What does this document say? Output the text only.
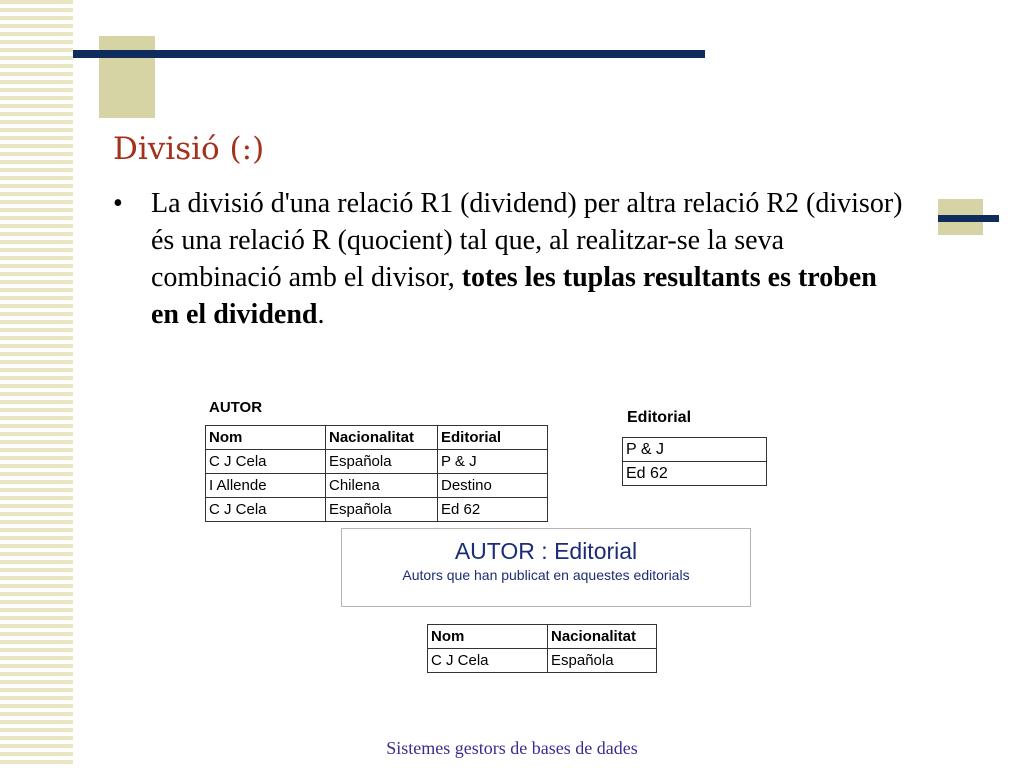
Divisió (:)
• La divisió d'una relació R1 (dividend) per altra relació R2 (divisor) és una relació R (quocient) tal que, al realitzar-se la seva combinació amb el divisor, totes les tuplas resultants es troben en el dividend.
AUTOR
Nom	Nacionalitat	Editorial
C J Cela	Española	P & J
I Allende	Chilena	Destino
C J Cela	Española	Ed 62
Editorial
P & J
Ed 62
AUTOR : Editorial
Autors que han publicat en aquestes editorials
Nom	Nacionalitat
C J Cela	Española
Sistemes gestors de bases de dades
